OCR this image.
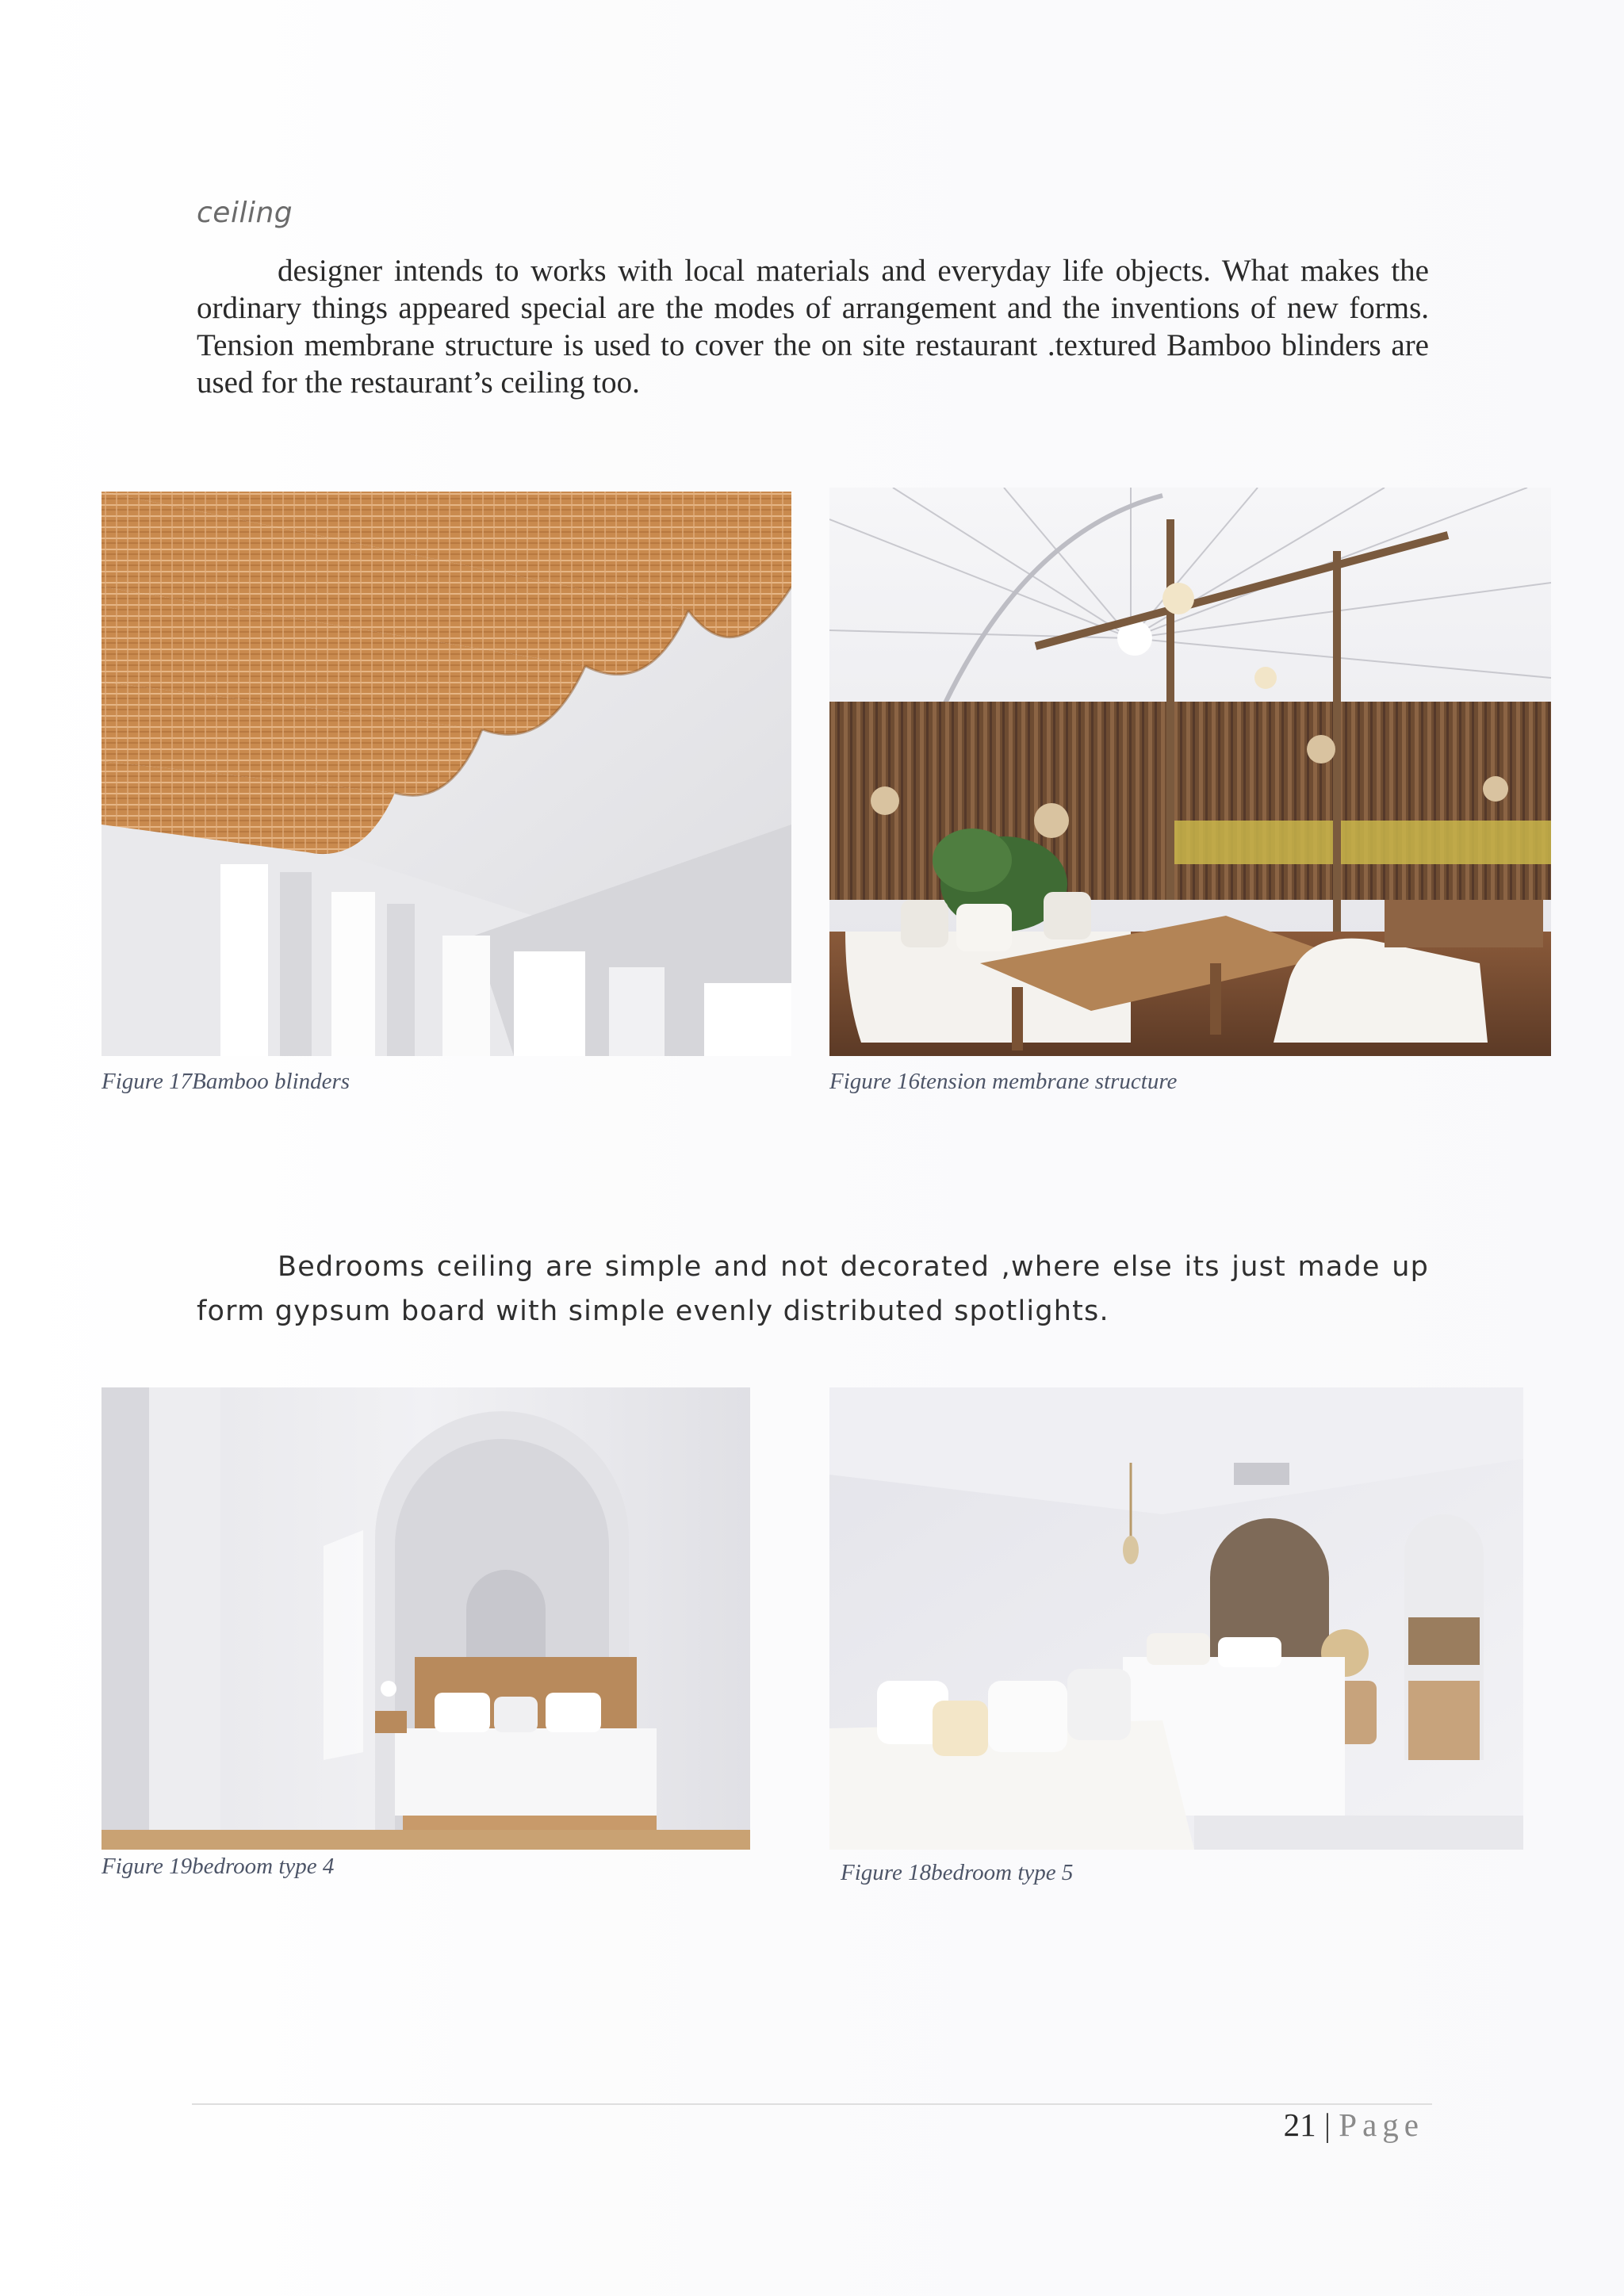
ceiling

designer intends to works with local materials and everyday life objects. What makes the ordinary things appeared special are the modes of arrangement and the inventions of new forms. Tension membrane structure is used to cover the on site restaurant .textured Bamboo blinders are used for the restaurant’s ceiling too.

Figure 17Bamboo blinders	Figure 16tension membrane structure

Bedrooms ceiling are simple and not decorated ,where else its just made up form gypsum board with simple evenly distributed spotlights.

Figure 19bedroom type 4	Figure 18bedroom type 5
21 | Page
